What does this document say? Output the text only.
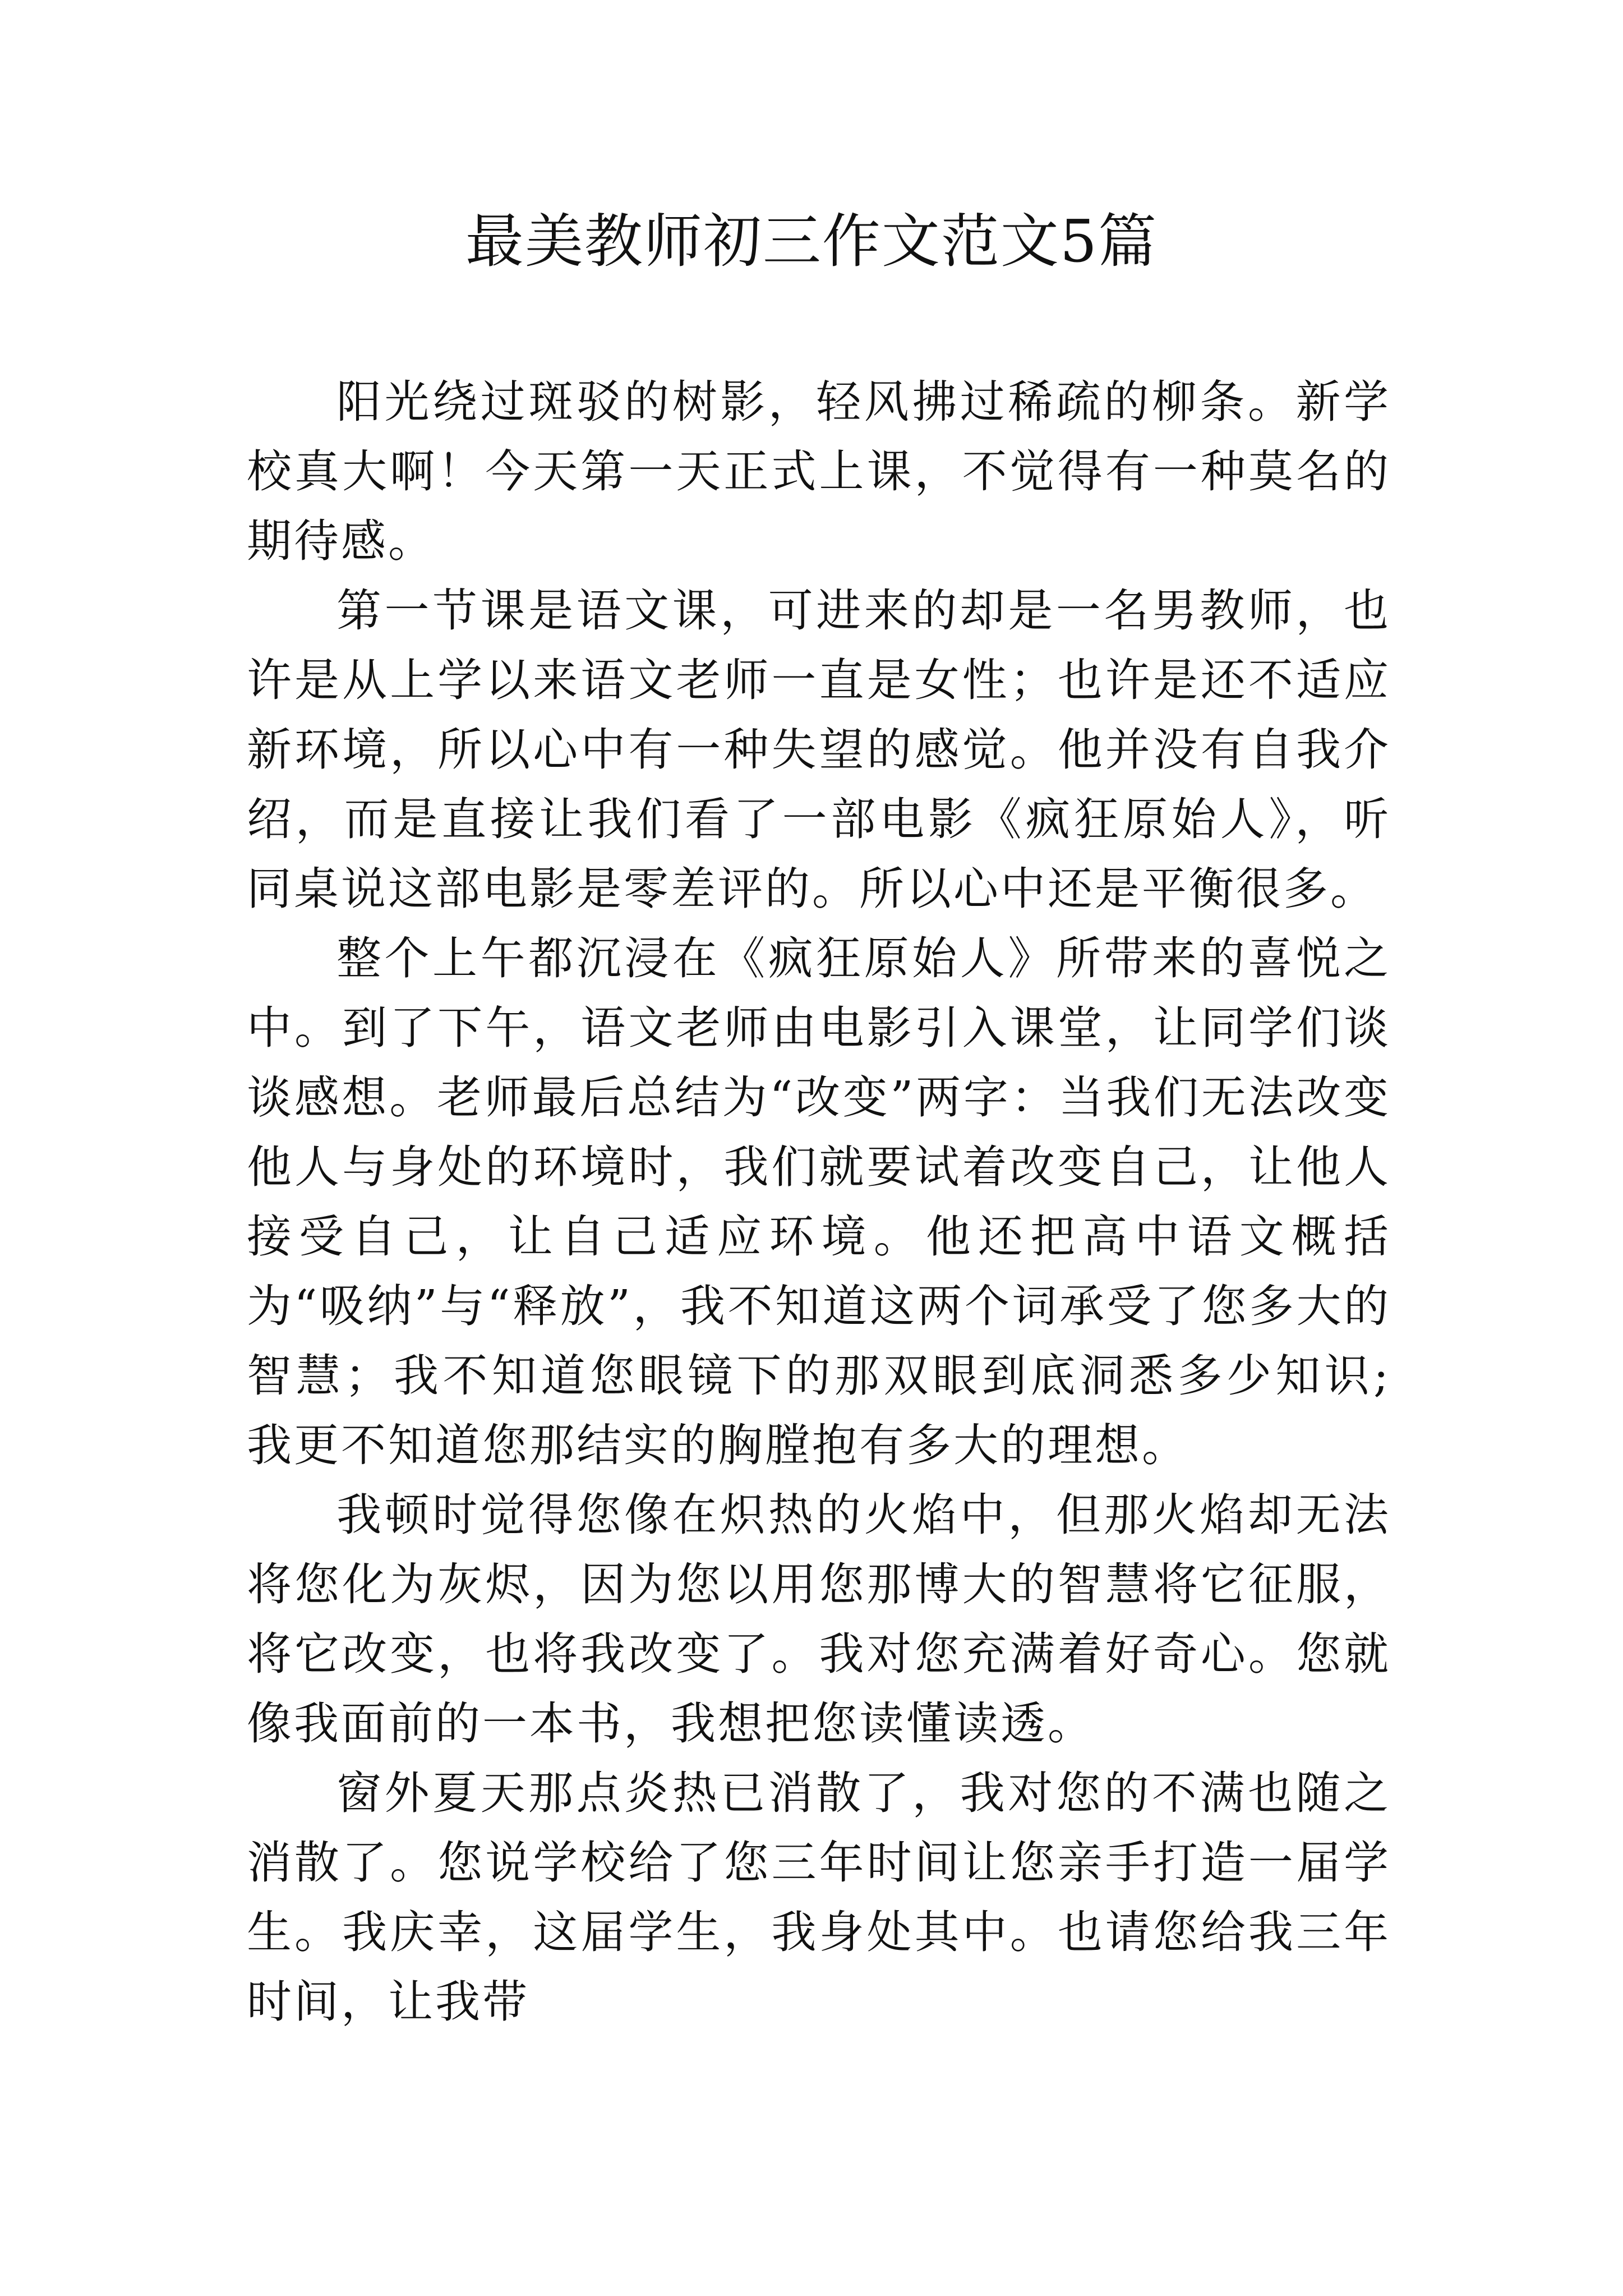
最美教师初三作文范文5篇

阳光绕过斑驳的树影，轻风拂过稀疏的柳条。新学校真大啊！今天第一天正式上课，不觉得有一种莫名的期待感。

第一节课是语文课，可进来的却是一名男教师，也许是从上学以来语文老师一直是女性；也许是还不适应新环境，所以心中有一种失望的感觉。他并没有自我介绍，而是直接让我们看了一部电影《疯狂原始人》，听同桌说这部电影是零差评的。所以心中还是平衡很多。

整个上午都沉浸在《疯狂原始人》所带来的喜悦之中。到了下午，语文老师由电影引入课堂，让同学们谈谈感想。老师最后总结为“改变”两字：当我们无法改变他人与身处的环境时，我们就要试着改变自己，让他人接受自己，让自己适应环境。他还把高中语文概括为“吸纳”与“释放”，我不知道这两个词承受了您多大的智慧；我不知道您眼镜下的那双眼到底洞悉多少知识;我更不知道您那结实的胸膛抱有多大的理想。

我顿时觉得您像在炽热的火焰中，但那火焰却无法将您化为灰烬，因为您以用您那博大的智慧将它征服，将它改变，也将我改变了。我对您充满着好奇心。您就像我面前的一本书，我想把您读懂读透。

窗外夏天那点炎热已消散了，我对您的不满也随之消散了。您说学校给了您三年时间让您亲手打造一届学生。我庆幸，这届学生，我身处其中。也请您给我三年时间，让我带
